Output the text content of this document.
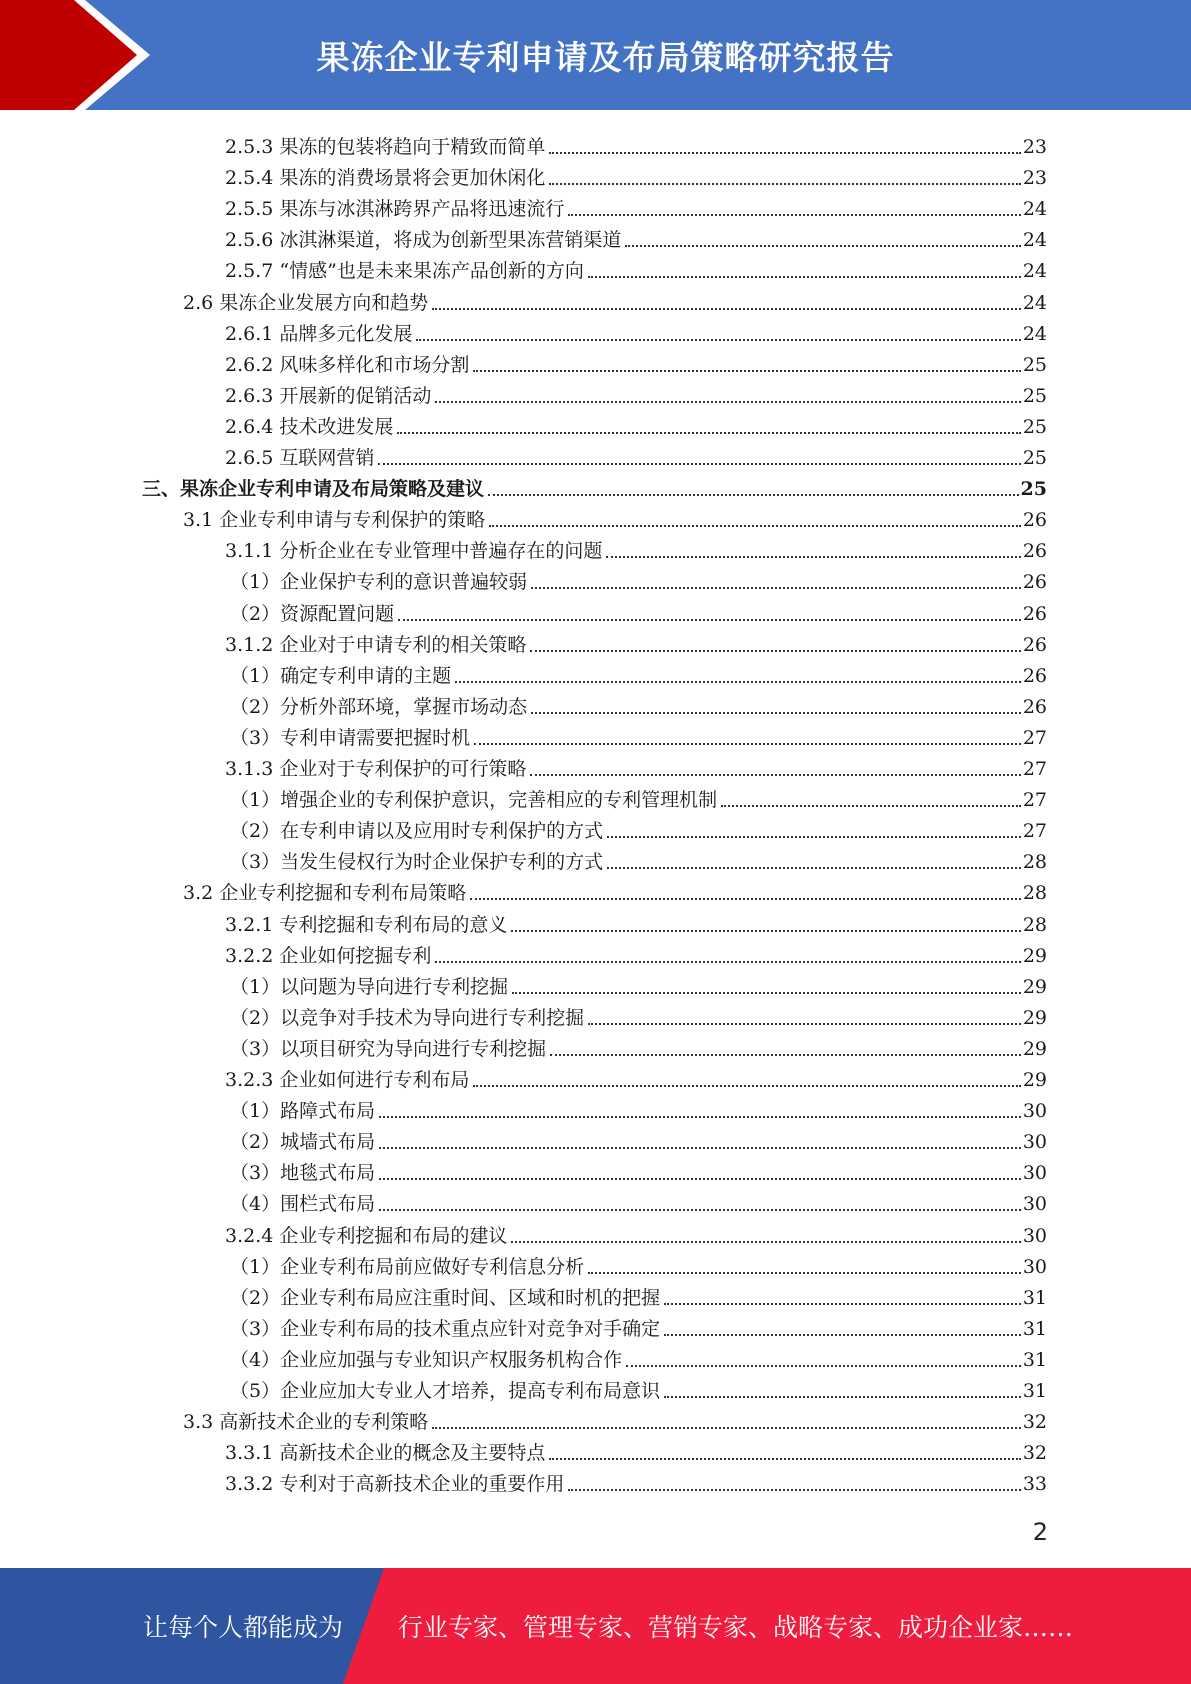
果冻企业专利申请及布局策略研究报告
2.5.3 果冻的包装将趋向于精致而简单	23
2.5.4 果冻的消费场景将会更加休闲化	23
2.5.5 果冻与冰淇淋跨界产品将迅速流行	24
2.5.6 冰淇淋渠道，将成为创新型果冻营销渠道	24
2.5.7 “情感”也是未来果冻产品创新的方向	24
2.6 果冻企业发展方向和趋势	24
2.6.1 品牌多元化发展	24
2.6.2 风味多样化和市场分割	25
2.6.3 开展新的促销活动	25
2.6.4 技术改进发展	25
2.6.5 互联网营销	25
三、 果冻企业专利申请及布局策略及建议	25
3.1 企业专利申请与专利保护的策略	26
3.1.1 分析企业在专业管理中普遍存在的问题	26
（1） 企业保护专利的意识普遍较弱	26
（2） 资源配置问题	26
3.1.2 企业对于申请专利的相关策略	26
（1） 确定专利申请的主题	26
（2） 分析外部环境，掌握市场动态	26
（3） 专利申请需要把握时机	27
3.1.3 企业对于专利保护的可行策略	27
（1） 增强企业的专利保护意识，完善相应的专利管理机制	27
（2） 在专利申请以及应用时专利保护的方式	27
（3） 当发生侵权行为时企业保护专利的方式	28
3.2 企业专利挖掘和专利布局策略	28
3.2.1 专利挖掘和专利布局的意义	28
3.2.2 企业如何挖掘专利	29
（1） 以问题为导向进行专利挖掘	29
（2） 以竞争对手技术为导向进行专利挖掘	29
（3） 以项目研究为导向进行专利挖掘	29
3.2.3 企业如何进行专利布局	29
（1） 路障式布局	30
（2） 城墙式布局	30
（3） 地毯式布局	30
（4） 围栏式布局	30
3.2.4 企业专利挖掘和布局的建议	30
（1） 企业专利布局前应做好专利信息分析	30
（2） 企业专利布局应注重时间、区域和时机的把握	31
（3） 企业专利布局的技术重点应针对竞争对手确定	31
（4） 企业应加强与专业知识产权服务机构合作	31
（5） 企业应加大专业人才培养，提高专利布局意识	31
3.3 高新技术企业的专利策略	32
3.3.1 高新技术企业的概念及主要特点	32
3.3.2 专利对于高新技术企业的重要作用	33
2
让每个人都能成为 行业专家、管理专家、营销专家、战略专家、成功企业家……
